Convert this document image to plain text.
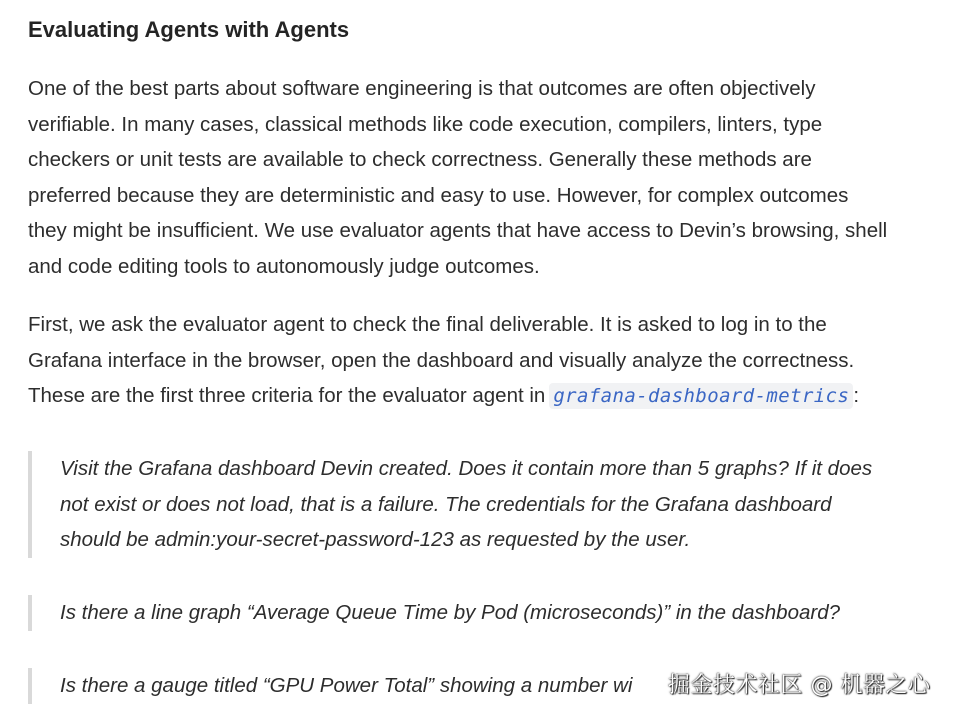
Evaluating Agents with Agents
One of the best parts about software engineering is that outcomes are often objectively
verifiable. In many cases, classical methods like code execution, compilers, linters, type
checkers or unit tests are available to check correctness. Generally these methods are
preferred because they are deterministic and easy to use. However, for complex outcomes
they might be insufficient. We use evaluator agents that have access to Devin’s browsing, shell
and code editing tools to autonomously judge outcomes.
First, we ask the evaluator agent to check the final deliverable. It is asked to log in to the
Grafana interface in the browser, open the dashboard and visually analyze the correctness.
These are the first three criteria for the evaluator agent in grafana-dashboard-metrics :
Visit the Grafana dashboard Devin created. Does it contain more than 5 graphs? If it does
not exist or does not load, that is a failure. The credentials for the Grafana dashboard
should be admin:your-secret-password-123 as requested by the user.
Is there a line graph “Average Queue Time by Pod (microseconds)” in the dashboard?
Is there a gauge titled “GPU Power Total” showing a number wi	掘金技术社区 @ 机器之心
